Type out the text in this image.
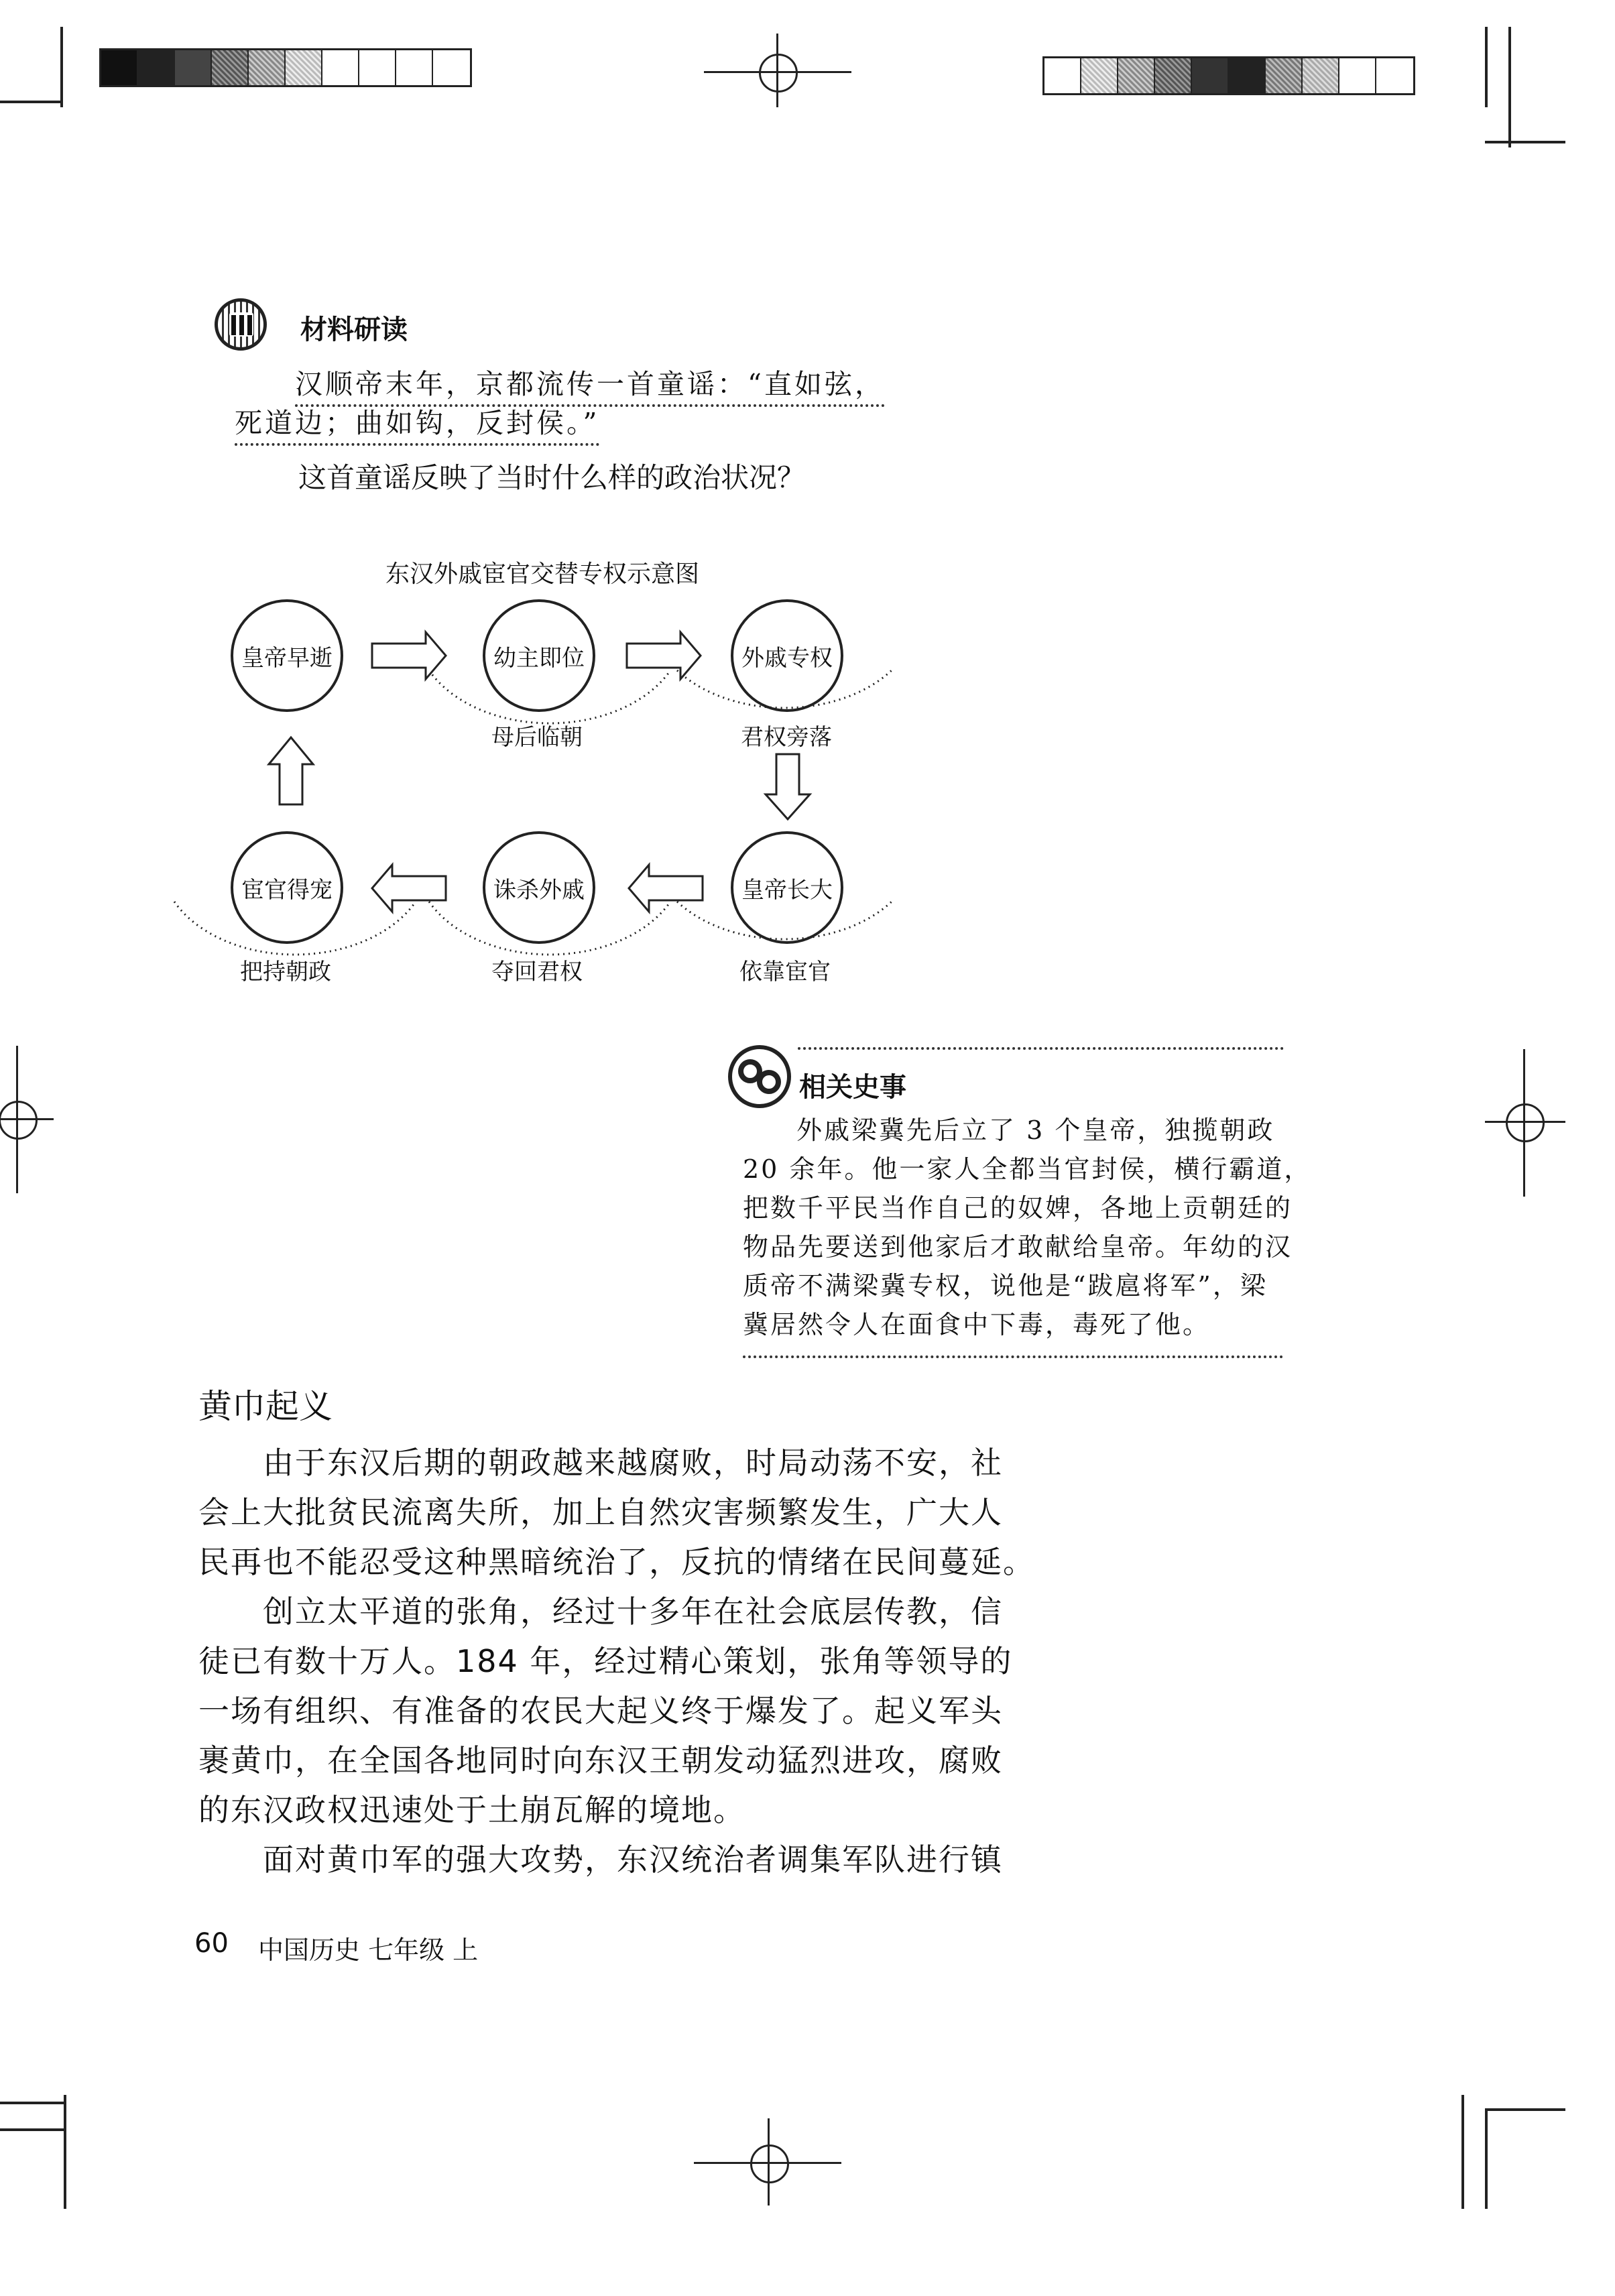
材料研读
汉顺帝末年，京都流传一首童谣：“直如弦，
死道边；曲如钩，反封侯。”
这首童谣反映了当时什么样的政治状况？
东汉外戚宦官交替专权示意图
皇帝早逝	幼主即位	外戚专权
皇帝长大
诛杀外戚
宦官得宠
母后临朝	君权旁落
依靠宦官
夺回君权
把持朝政
相关史事
外戚梁冀先后立了 3 个皇帝，独揽朝政
20 余年。他一家人全都当官封侯，横行霸道，
把数千平民当作自己的奴婢，各地上贡朝廷的
物品先要送到他家后才敢献给皇帝。年幼的汉
质帝不满梁冀专权，说他是“跋扈将军”，梁
冀居然令人在面食中下毒，毒死了他。
黄巾起义
由于东汉后期的朝政越来越腐败，时局动荡不安，社
会上大批贫民流离失所，加上自然灾害频繁发生，广大人
民再也不能忍受这种黑暗统治了，反抗的情绪在民间蔓延。
创立太平道的张角，经过十多年在社会底层传教，信
徒已有数十万人。184 年，经过精心策划，张角等领导的
一场有组织、有准备的农民大起义终于爆发了。起义军头
裹黄巾，在全国各地同时向东汉王朝发动猛烈进攻，腐败
的东汉政权迅速处于土崩瓦解的境地。
面对黄巾军的强大攻势，东汉统治者调集军队进行镇
60 中国历史 七年级 上
